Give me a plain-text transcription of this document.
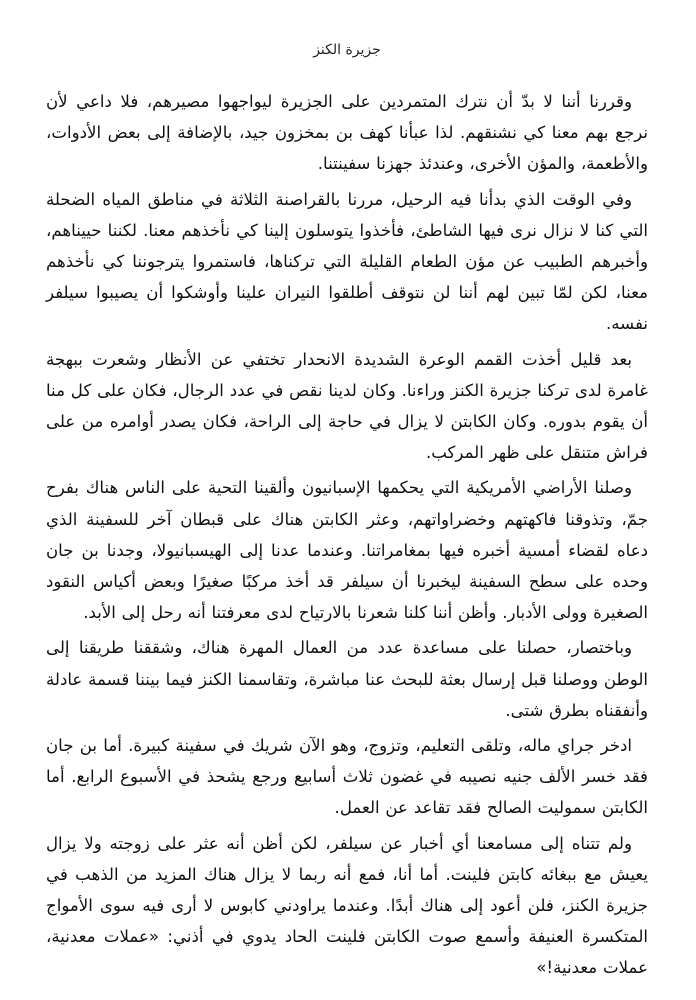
جزيرة الكنز

وقررنا أننا لا بدّ أن نترك المتمردين على الجزيرة ليواجهوا مصيرهم، فلا داعي لأن نرجع بهم معنا كي نشنقهم. لذا عبأنا كهف بن بمخزون جيد، بالإضافة إلى بعض الأدوات، والأطعمة، والمؤن الأخرى، وعندئذ جهزنا سفينتنا.

وفي الوقت الذي بدأنا فيه الرحيل، مررنا بالقراصنة الثلاثة في مناطق المياه الضحلة التي كنا لا نزال نرى فيها الشاطئ، فأخذوا يتوسلون إلينا كي نأخذهم معنا. لكننا حييناهم، وأخبرهم الطبيب عن مؤن الطعام القليلة التي تركناها، فاستمروا يترجوننا كي نأخذهم معنا، لكن لمّا تبين لهم أننا لن نتوقف أطلقوا النيران علينا وأوشكوا أن يصيبوا سيلفر نفسه.

بعد قليل أخذت القمم الوعرة الشديدة الانحدار تختفي عن الأنظار وشعرت ببهجة غامرة لدى تركنا جزيرة الكنز وراءنا. وكان لدينا نقص في عدد الرجال، فكان على كل منا أن يقوم بدوره. وكان الكابتن لا يزال في حاجة إلى الراحة، فكان يصدر أوامره من على فراش متنقل على ظهر المركب.

وصلنا الأراضي الأمريكية التي يحكمها الإسبانيون وألقينا التحية على الناس هناك بفرح جمّ، وتذوقنا فاكهتهم وخضراواتهم، وعثر الكابتن هناك على قبطان آخر للسفينة الذي دعاه لقضاء أمسية أخبره فيها بمغامراتنا. وعندما عدنا إلى الهيسبانيولا، وجدنا بن جان وحده على سطح السفينة ليخبرنا أن سيلفر قد أخذ مركبًا صغيرًا وبعض أكياس النقود الصغيرة وولى الأدبار. وأظن أننا كلنا شعرنا بالارتياح لدى معرفتنا أنه رحل إلى الأبد.

وباختصار، حصلنا على مساعدة عدد من العمال المهرة هناك، وشققنا طريقنا إلى الوطن ووصلنا قبل إرسال بعثة للبحث عنا مباشرة، وتقاسمنا الكنز فيما بيننا قسمة عادلة وأنفقناه بطرق شتى.

ادخر جراي ماله، وتلقى التعليم، وتزوج، وهو الآن شريك في سفينة كبيرة. أما بن جان فقد خسر الألف جنيه نصيبه في غضون ثلاث أسابيع ورجع يشحذ في الأسبوع الرابع. أما الكابتن سموليت الصالح فقد تقاعد عن العمل.

ولم تتناه إلى مسامعنا أي أخبار عن سيلفر، لكن أظن أنه عثر على زوجته ولا يزال يعيش مع ببغائه كابتن فلينت. أما أنا، فمع أنه ربما لا يزال هناك المزيد من الذهب في جزيرة الكنز، فلن أعود إلى هناك أبدًا. وعندما يراودني كابوس لا أرى فيه سوى الأمواج المتكسرة العنيفة وأسمع صوت الكابتن فلينت الحاد يدوي في أذني: «عملات معدنية، عملات معدنية!»
